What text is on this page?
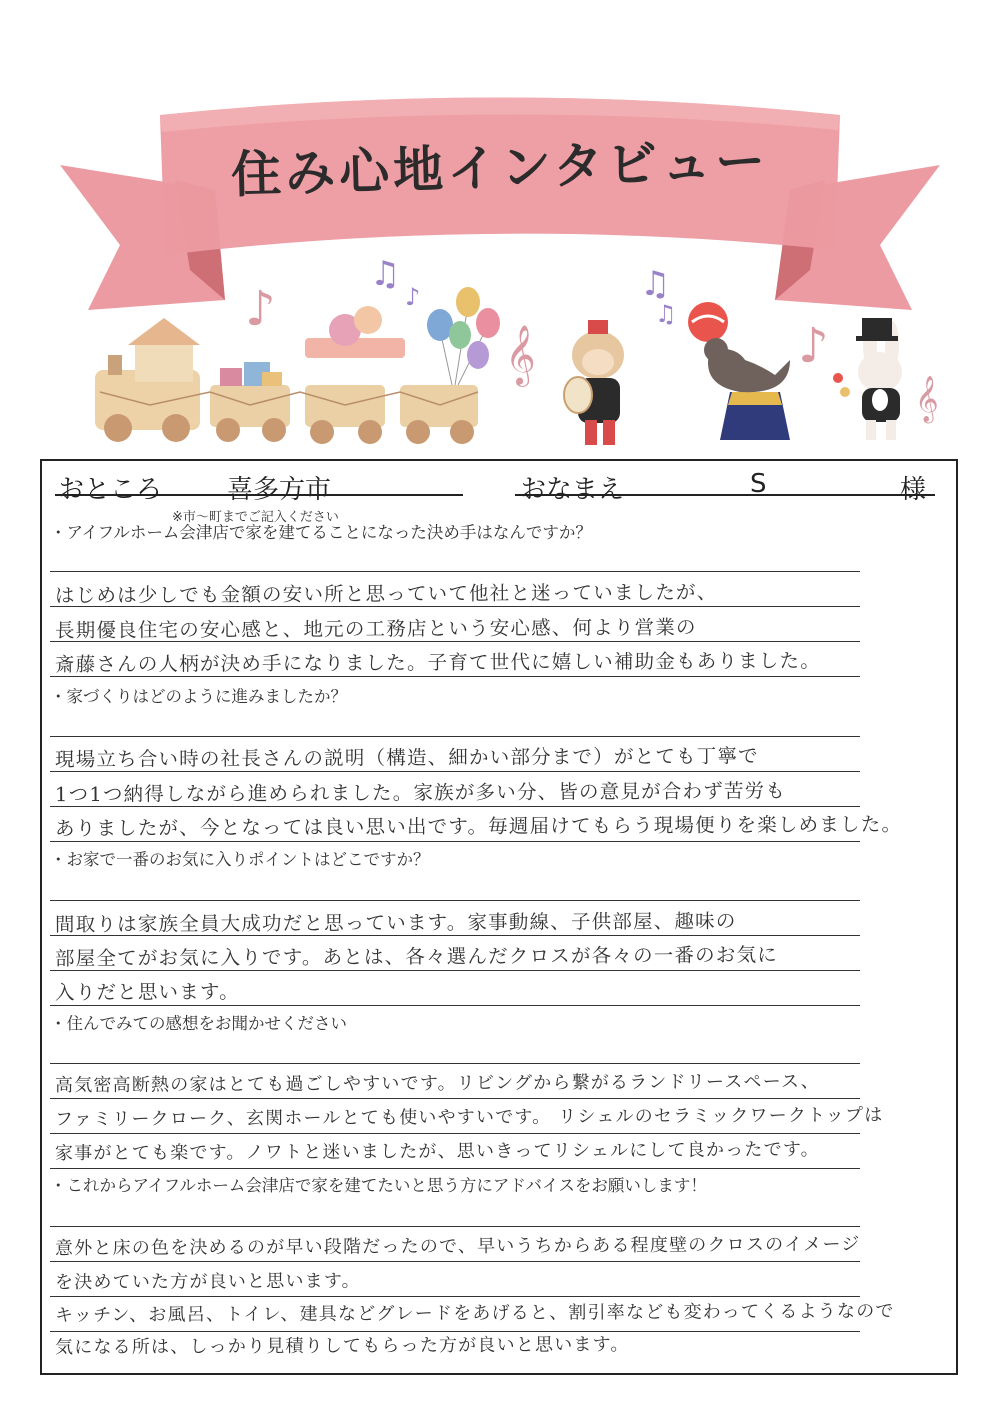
♫	♫
♪
♫
♪
♪
𝄞
𝄞
住み心地インタビュー
おところ 喜多方市
※市～町までご記入ください
おなまえ	S	様
・アイフルホーム会津店で家を建てることになった決め手はなんですか？
はじめは少しでも金額の安い所と思っていて他社と迷っていましたが、
長期優良住宅の安心感と、地元の工務店という安心感、何より営業の
斎藤さんの人柄が決め手になりました。子育て世代に嬉しい補助金もありました。
・家づくりはどのように進みましたか？
現場立ち合い時の社長さんの説明（構造、細かい部分まで）がとても丁寧で
1つ1つ納得しながら進められました。家族が多い分、皆の意見が合わず苦労も
ありましたが、今となっては良い思い出です。毎週届けてもらう現場便りを楽しめました。
・お家で一番のお気に入りポイントはどこですか？
間取りは家族全員大成功だと思っています。家事動線、子供部屋、趣味の
部屋全てがお気に入りです。あとは、各々選んだクロスが各々の一番のお気に
入りだと思います。
・住んでみての感想をお聞かせください
高気密高断熱の家はとても過ごしやすいです。リビングから繋がるランドリースペース、
ファミリークローク、玄関ホールとても使いやすいです。 リシェルのセラミックワークトップは
家事がとても楽です。ノワトと迷いましたが、思いきってリシェルにして良かったです。
・これからアイフルホーム会津店で家を建てたいと思う方にアドバイスをお願いします！
意外と床の色を決めるのが早い段階だったので、早いうちからある程度壁のクロスのイメージ
を決めていた方が良いと思います。
キッチン、お風呂、トイレ、建具などグレードをあげると、割引率なども変わってくるようなので
気になる所は、しっかり見積りしてもらった方が良いと思います。
